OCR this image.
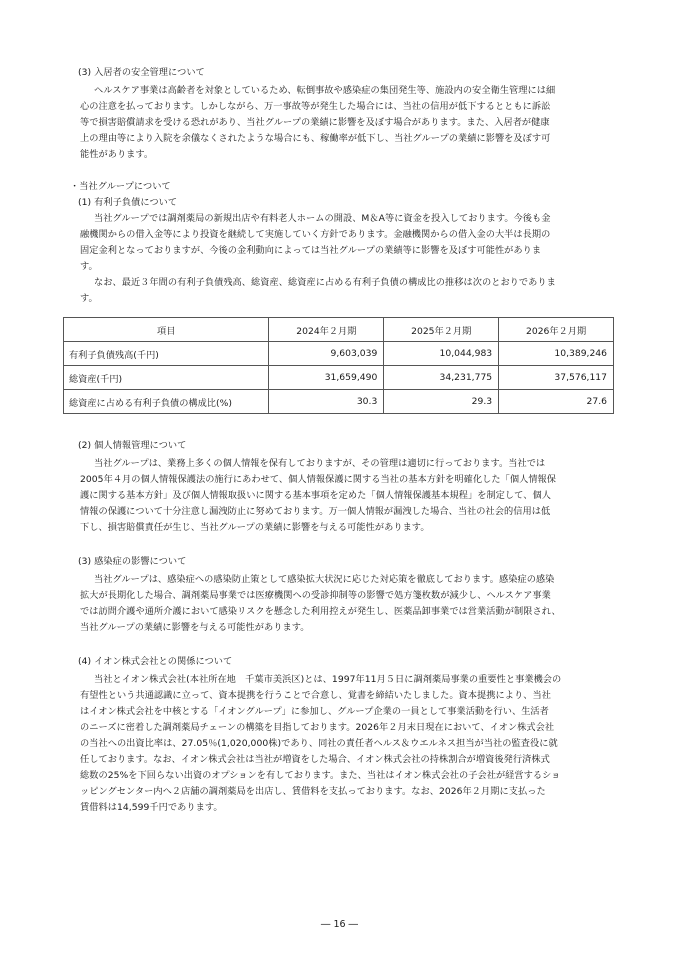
(3) 入居者の安全管理について
ヘルスケア事業は高齢者を対象としているため、転倒事故や感染症の集団発生等、施設内の安全衛生管理には細
心の注意を払っております。しかしながら、万一事故等が発生した場合には、当社の信用が低下するとともに訴訟
等で損害賠償請求を受ける恐れがあり、当社グループの業績に影響を及ぼす場合があります。また、入居者が健康
上の理由等により入院を余儀なくされたような場合にも、稼働率が低下し、当社グループの業績に影響を及ぼす可
能性があります。
・当社グループについて
(1) 有利子負債について
当社グループでは調剤薬局の新規出店や有料老人ホームの開設、M＆A等に資金を投入しております。今後も金
融機関からの借入金等により投資を継続して実施していく方針であります。金融機関からの借入金の大半は長期の
固定金利となっておりますが、今後の金利動向によっては当社グループの業績等に影響を及ぼす可能性がありま
す。
なお、最近３年間の有利子負債残高、総資産、総資産に占める有利子負債の構成比の推移は次のとおりでありま
す。
項目	2024年２月期	2025年２月期	2026年２月期
有利子負債残高(千円)	9,603,039	10,044,983	10,389,246
総資産(千円)	31,659,490	34,231,775	37,576,117
総資産に占める有利子負債の構成比(%)	30.3	29.3	27.6
(2) 個人情報管理について
当社グループは、業務上多くの個人情報を保有しておりますが、その管理は適切に行っております。当社では
2005年４月の個人情報保護法の施行にあわせて、個人情報保護に関する当社の基本方針を明確化した「個人情報保
護に関する基本方針」及び個人情報取扱いに関する基本事項を定めた「個人情報保護基本規程」を制定して、個人
情報の保護について十分注意し漏洩防止に努めております。万一個人情報が漏洩した場合、当社の社会的信用は低
下し、損害賠償責任が生じ、当社グループの業績に影響を与える可能性があります。
(3) 感染症の影響について
当社グループは、感染症への感染防止策として感染拡大状況に応じた対応策を徹底しております。感染症の感染
拡大が長期化した場合、調剤薬局事業では医療機関への受診抑制等の影響で処方箋枚数が減少し、ヘルスケア事業
では訪問介護や通所介護において感染リスクを懸念した利用控えが発生し、医薬品卸事業では営業活動が制限され、
当社グループの業績に影響を与える可能性があります。
(4) イオン株式会社との関係について
当社とイオン株式会社(本社所在地　千葉市美浜区)とは、1997年11月５日に調剤薬局事業の重要性と事業機会の
有望性という共通認識に立って、資本提携を行うことで合意し、覚書を締結いたしました。資本提携により、当社
はイオン株式会社を中核とする「イオングループ」に参加し、グループ企業の一員として事業活動を行い、生活者
のニーズに密着した調剤薬局チェーンの構築を目指しております。2026年２月末日現在において、イオン株式会社
の当社への出資比率は、27.05％(1,020,000株)であり、同社の責任者ヘルス＆ウエルネス担当が当社の監査役に就
任しております。なお、イオン株式会社は当社が増資をした場合、イオン株式会社の持株割合が増資後発行済株式
総数の25%を下回らない出資のオプションを有しております。また、当社はイオン株式会社の子会社が経営するショ
ッピングセンター内へ２店舗の調剤薬局を出店し、賃借料を支払っております。なお、2026年２月期に支払った
賃借料は14,599千円であります。
― 16 ―
